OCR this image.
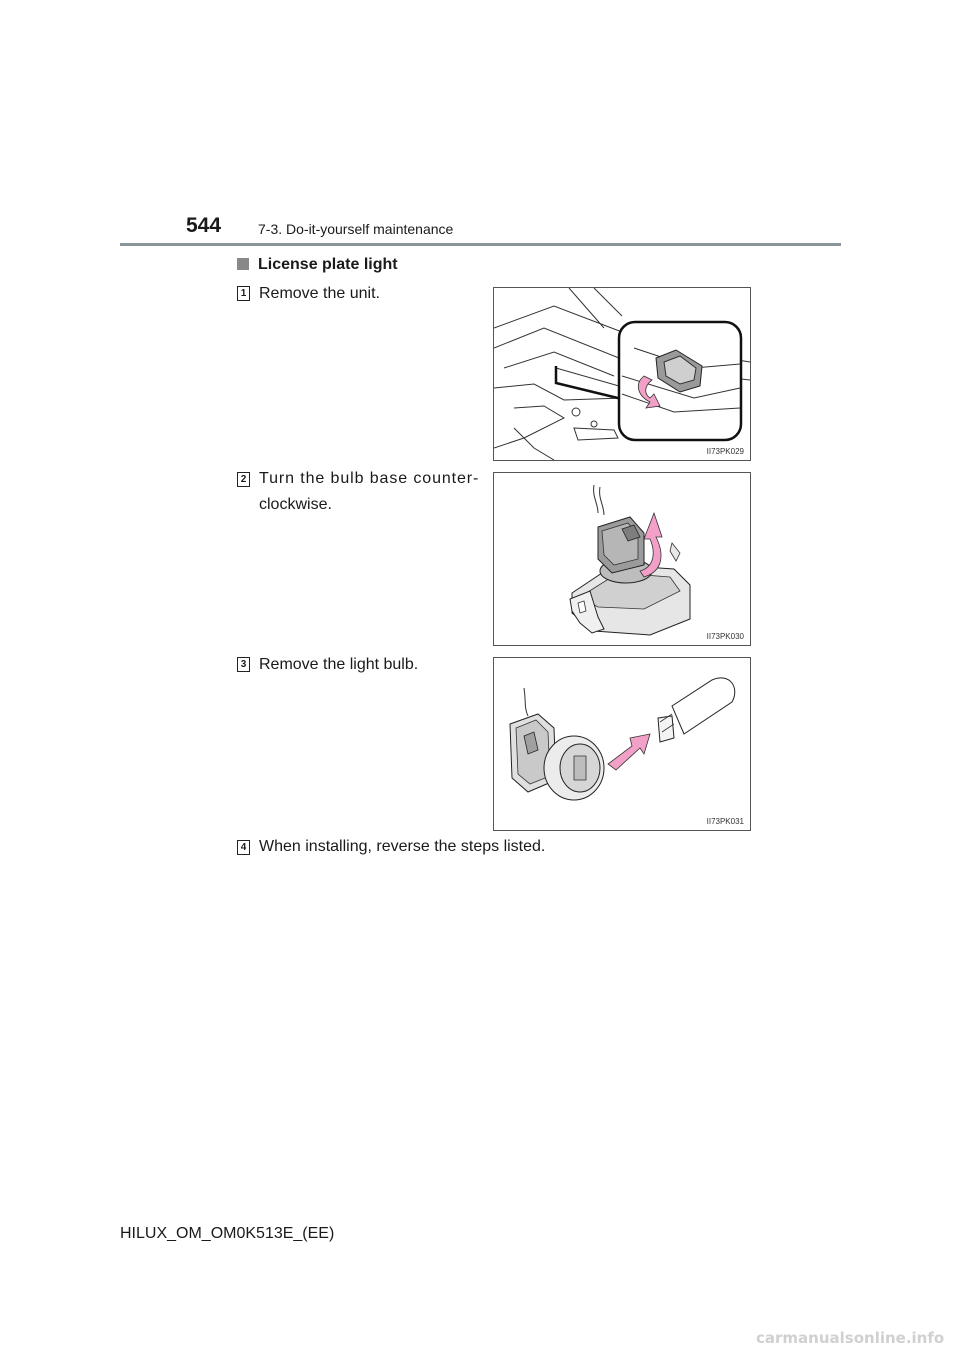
544	7-3. Do-it-yourself maintenance
License plate light
1 Remove the unit.
II73PK029
2 Turn the bulb base counter-
clockwise.
II73PK030
3 Remove the light bulb.
II73PK031
4 When installing, reverse the steps listed.
HILUX_OM_OM0K513E_(EE)
carmanualsonline.info
